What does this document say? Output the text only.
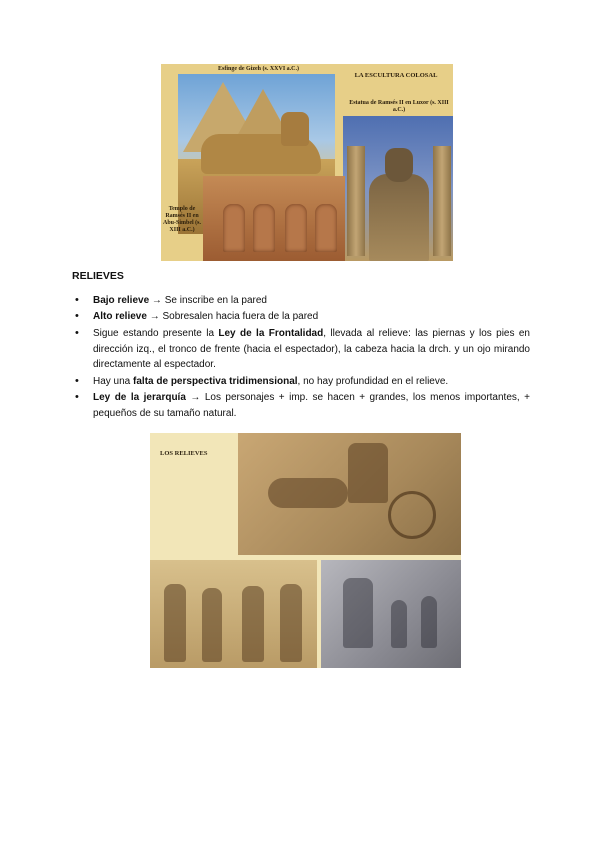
Esfinge de Gizeh (s. XXVI a.C.)
LA ESCULTURA COLOSAL
Estatua de Ramsés II en Luxor (s. XIII a.C.)
Templo de Ramsés II en Abu-Simbel (s. XIII a.C.)
RELIEVES
• Bajo relieve → Se inscribe en la pared
• Alto relieve → Sobresalen hacia fuera de la pared
• Sigue estando presente la Ley de la Frontalidad, llevada al relieve: las piernas y los pies en dirección izq., el tronco de frente (hacia el espectador), la cabeza hacia la drch. y un ojo mirando directamente al espectador.
• Hay una falta de perspectiva tridimensional, no hay profundidad en el relieve.
• Ley de la jerarquía → Los personajes + imp. se hacen + grandes, los menos importantes, + pequeños de su tamaño natural.
LOS RELIEVES
